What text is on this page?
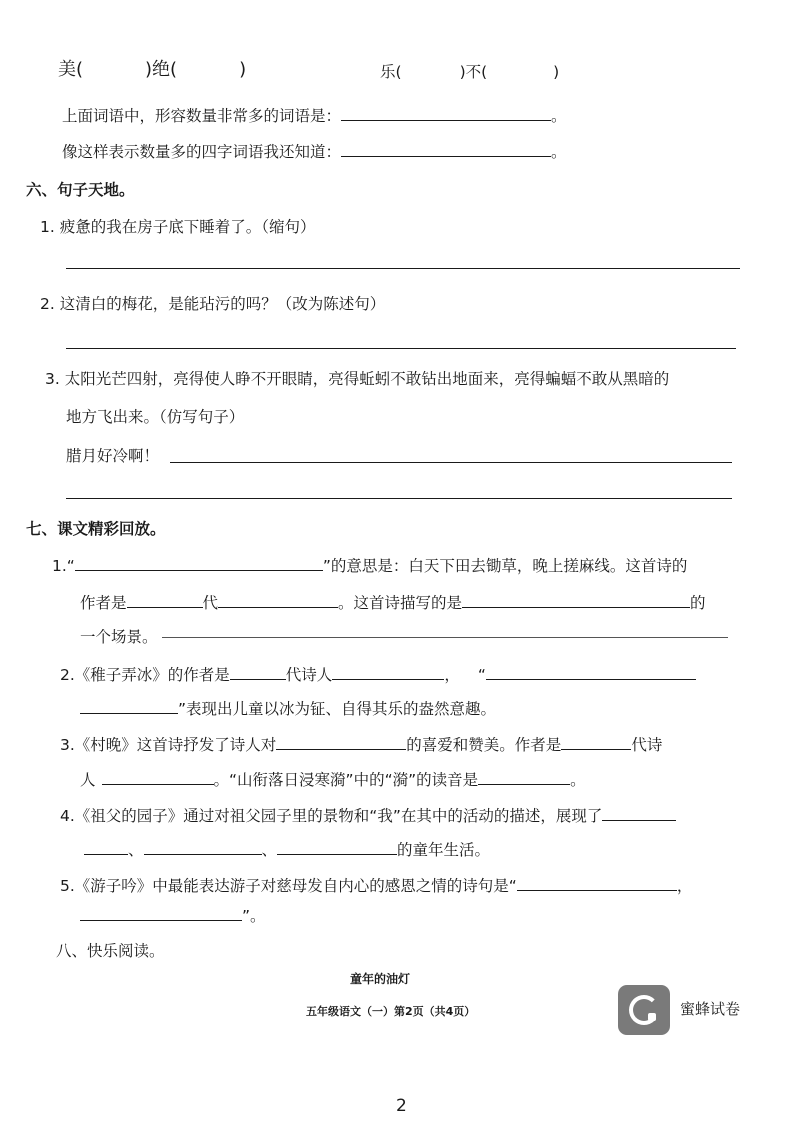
美(	)绝(	)	乐(	)不(	)
上面词语中，形容数量非常多的词语是：	。
像这样表示数量多的四字词语我还知道：	。
六、句子天地。
1. 疲惫的我在房子底下睡着了。（缩句）
2. 这清白的梅花，是能玷污的吗？（改为陈述句）
3. 太阳光芒四射，亮得使人睁不开眼睛，亮得蚯蚓不敢钻出地面来，亮得蝙蝠不敢从黑暗的
地方飞出来。（仿写句子）
腊月好冷啊！
七、课文精彩回放。
1.“	”的意思是：白天下田去锄草，晚上搓麻线。这首诗的
作者是	代	。这首诗描写的是	的
一个场景。
2.《稚子弄冰》的作者是	代诗人	， “
”表现出儿童以冰为钲、自得其乐的盎然意趣。
3.《村晚》这首诗抒发了诗人对	的喜爱和赞美。作者是	代诗
人	。“山衔落日浸寒漪”中的“漪”的读音是	。
4.《祖父的园子》通过对祖父园子里的景物和“我”在其中的活动的描述，展现了
、	、	的童年生活。
5.《游子吟》中最能表达游子对慈母发自内心的感恩之情的诗句是“	，
”。
八、快乐阅读。
童年的油灯
五年级语文（一）第2页（共4页）	蜜蜂试卷
2
